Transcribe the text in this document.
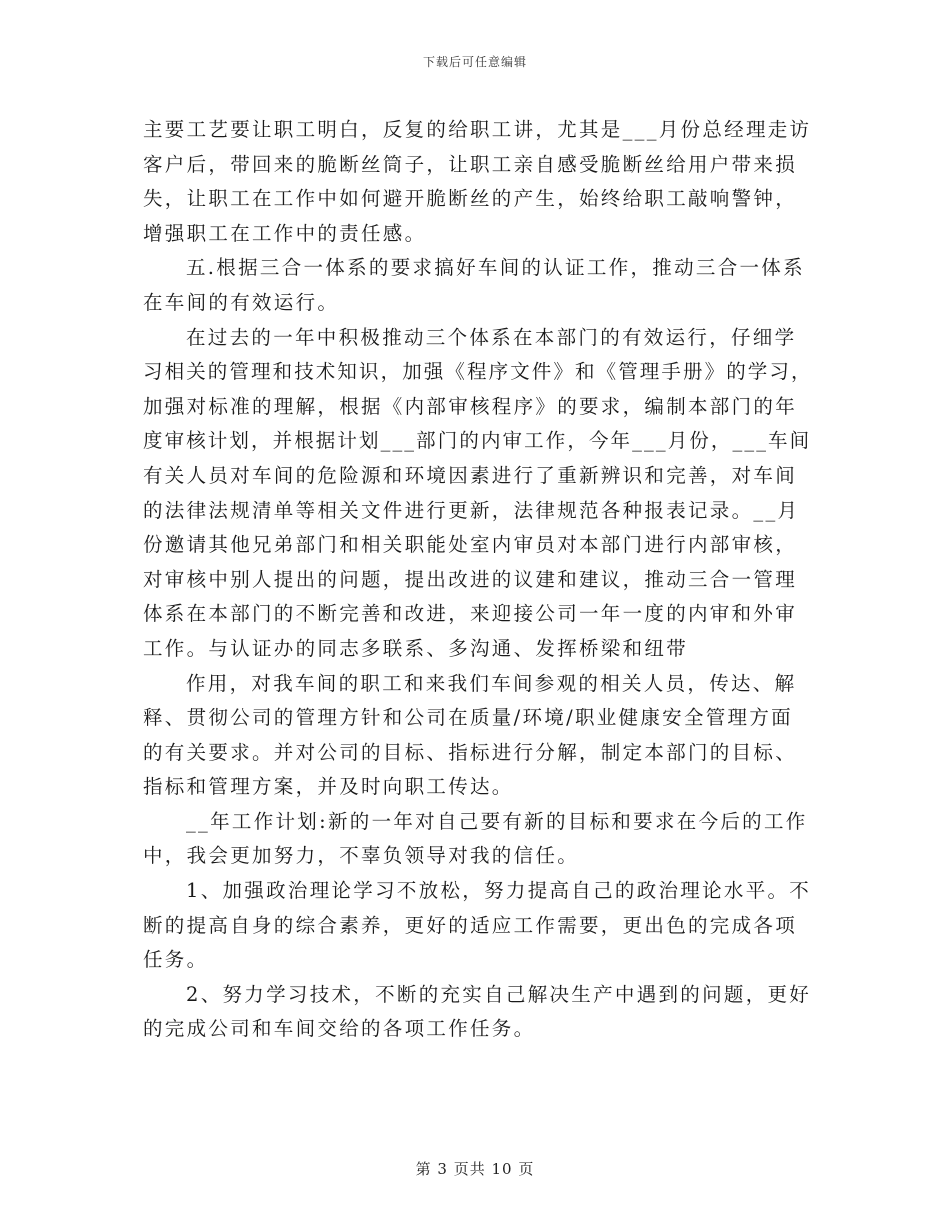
下载后可任意编辑
主要工艺要让职工明白，反复的给职工讲，尤其是___月份总经理走访
客户后，带回来的脆断丝筒子，让职工亲自感受脆断丝给用户带来损
失，让职工在工作中如何避开脆断丝的产生，始终给职工敲响警钟，
增强职工在工作中的责任感。
五.根据三合一体系的要求搞好车间的认证工作，推动三合一体系
在车间的有效运行。
在过去的一年中积极推动三个体系在本部门的有效运行，仔细学
习相关的管理和技术知识，加强《程序文件》和《管理手册》的学习，
加强对标准的理解，根据《内部审核程序》的要求，编制本部门的年
度审核计划，并根据计划___部门的内审工作，今年___月份，___车间
有关人员对车间的危险源和环境因素进行了重新辨识和完善，对车间
的法律法规清单等相关文件进行更新，法律规范各种报表记录。__月
份邀请其他兄弟部门和相关职能处室内审员对本部门进行内部审核，
对审核中别人提出的问题，提出改进的议建和建议，推动三合一管理
体系在本部门的不断完善和改进，来迎接公司一年一度的内审和外审
工作。与认证办的同志多联系、多沟通、发挥桥梁和纽带
作用，对我车间的职工和来我们车间参观的相关人员，传达、解
释、贯彻公司的管理方针和公司在质量/环境/职业健康安全管理方面
的有关要求。并对公司的目标、指标进行分解，制定本部门的目标、
指标和管理方案，并及时向职工传达。
__年工作计划:新的一年对自己要有新的目标和要求在今后的工作
中，我会更加努力，不辜负领导对我的信任。
1、加强政治理论学习不放松，努力提高自己的政治理论水平。不
断的提高自身的综合素养，更好的适应工作需要，更出色的完成各项
任务。
2、努力学习技术，不断的充实自己解决生产中遇到的问题，更好
的完成公司和车间交给的各项工作任务。
第 3 页共 10 页
